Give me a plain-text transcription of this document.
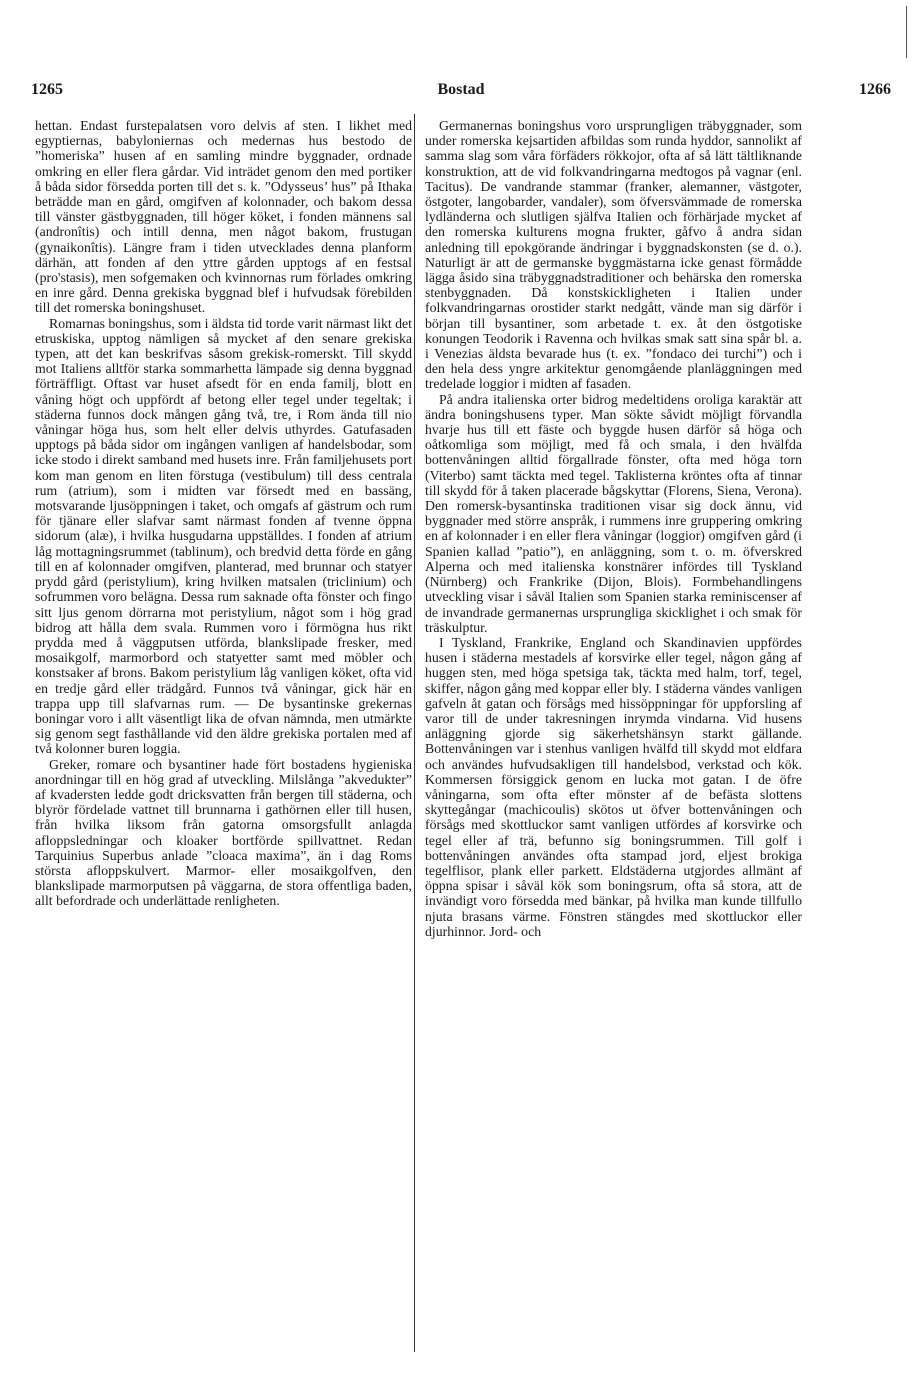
1265	Bostad	1266

hettan. Endast furstepalatsen voro delvis af sten. I likhet med egyptiernas, babyloniernas och medernas hus bestodo de ”homeriska” husen af en samling mindre byggnader, ordnade omkring en eller flera gårdar. Vid inträdet genom den med portiker å båda sidor försedda porten till det s. k. ”Odysseus’ hus” på Ithaka beträdde man en gård, omgifven af kolonnader, och bakom dessa till vänster gästbyggnaden, till höger köket, i fonden männens sal (andronîtis) och intill denna, men något bakom, frustugan (gynaikonîtis). Längre fram i tiden utvecklades denna planform därhän, att fonden af den yttre gården upptogs af en festsal (pro'stasis), men sofgemaken och kvinnornas rum förlades omkring en inre gård. Denna grekiska byggnad blef i hufvudsak förebilden till det romerska boningshuset.

Romarnas boningshus, som i äldsta tid torde varit närmast likt det etruskiska, upptog nämligen så mycket af den senare grekiska typen, att det kan beskrifvas såsom grekisk-romerskt. Till skydd mot Italiens alltför starka sommarhetta lämpade sig denna byggnad förträffligt. Oftast var huset afsedt för en enda familj, blott en våning högt och uppfördt af betong eller tegel under tegeltak; i städerna funnos dock mången gång två, tre, i Rom ända till nio våningar höga hus, som helt eller delvis uthyrdes. Gatufasaden upptogs på båda sidor om ingången vanligen af handelsbodar, som icke stodo i direkt samband med husets inre. Från familjehusets port kom man genom en liten förstuga (vestibulum) till dess centrala rum (atrium), som i midten var försedt med en bassäng, motsvarande ljusöppningen i taket, och omgafs af gästrum och rum för tjänare eller slafvar samt närmast fonden af tvenne öppna sidorum (alæ), i hvilka husgudarna uppställdes. I fonden af atrium låg mottagningsrummet (tablinum), och bredvid detta förde en gång till en af kolonnader omgifven, planterad, med brunnar och statyer prydd gård (peristylium), kring hvilken matsalen (triclinium) och sofrummen voro belägna. Dessa rum saknade ofta fönster och fingo sitt ljus genom dörrarna mot peristylium, något som i hög grad bidrog att hålla dem svala. Rummen voro i förmögna hus rikt prydda med å väggputsen utförda, blankslipade fresker, med mosaikgolf, marmorbord och statyetter samt med möbler och konstsaker af brons. Bakom peristylium låg vanligen köket, ofta vid en tredje gård eller trädgård. Funnos två våningar, gick här en trappa upp till slafvarnas rum. — De bysantinske grekernas boningar voro i allt väsentligt lika de ofvan nämnda, men utmärkte sig genom segt fasthållande vid den äldre grekiska portalen med af två kolonner buren loggia.

Greker, romare och bysantiner hade fört bostadens hygieniska anordningar till en hög grad af utveckling. Milslånga ”akvedukter” af kvadersten ledde godt dricksvatten från bergen till städerna, och blyrör fördelade vattnet till brunnarna i gathörnen eller till husen, från hvilka liksom från gatorna omsorgsfullt anlagda afloppsledningar och kloaker bortförde spillvattnet. Redan Tarquinius Superbus anlade ”cloaca maxima”, än i dag Roms största afloppskulvert. Marmor- eller mosaikgolfven, den blankslipade marmorputsen på väggarna, de stora offentliga baden, allt befordrade och underlättade renligheten.

Germanernas boningshus voro ursprungligen träbyggnader, som under romerska kejsartiden afbildas som runda hyddor, sannolikt af samma slag som våra förfäders rökkojor, ofta af så lätt tältliknande konstruktion, att de vid folkvandringarna medtogos på vagnar (enl. Tacitus). De vandrande stammar (franker, alemanner, västgoter, östgoter, langobarder, vandaler), som öfversvämmade de romerska lydländerna och slutligen själfva Italien och förhärjade mycket af den romerska kulturens mogna frukter, gåfvo å andra sidan anledning till epokgörande ändringar i byggnadskonsten (se d. o.). Naturligt är att de germanske byggmästarna icke genast förmådde lägga åsido sina träbyggnadstraditioner och behärska den romerska stenbyggnaden. Då konstskickligheten i Italien under folkvandringarnas orostider starkt nedgått, vände man sig därför i början till bysantiner, som arbetade t. ex. åt den östgotiske konungen Teodorik i Ravenna och hvilkas smak satt sina spår bl. a. i Venezias äldsta bevarade hus (t. ex. ”fondaco dei turchi”) och i den hela dess yngre arkitektur genomgående planläggningen med tredelade loggior i midten af fasaden.

På andra italienska orter bidrog medeltidens oroliga karaktär att ändra boningshusens typer. Man sökte såvidt möjligt förvandla hvarje hus till ett fäste och byggde husen därför så höga och oåtkomliga som möjligt, med få och smala, i den hvälfda bottenvåningen alltid förgallrade fönster, ofta med höga torn (Viterbo) samt täckta med tegel. Taklisterna kröntes ofta af tinnar till skydd för å taken placerade bågskyttar (Florens, Siena, Verona). Den romersk-bysantinska traditionen visar sig dock ännu, vid byggnader med större anspråk, i rummens inre gruppering omkring en af kolonnader i en eller flera våningar (loggior) omgifven gård (i Spanien kallad ”patio”), en anläggning, som t. o. m. öfverskred Alperna och med italienska konstnärer infördes till Tyskland (Nürnberg) och Frankrike (Dijon, Blois). Formbehandlingens utveckling visar i såväl Italien som Spanien starka reminiscenser af de invandrade germanernas ursprungliga skicklighet i och smak för träskulptur.

I Tyskland, Frankrike, England och Skandinavien uppfördes husen i städerna mestadels af korsvirke eller tegel, någon gång af huggen sten, med höga spetsiga tak, täckta med halm, torf, tegel, skiffer, någon gång med koppar eller bly. I städerna vändes vanligen gafveln åt gatan och försågs med hissöppningar för uppforsling af varor till de under takresningen inrymda vindarna. Vid husens anläggning gjorde sig säkerhetshänsyn starkt gällande. Bottenvåningen var i stenhus vanligen hvälfd till skydd mot eldfara och användes hufvudsakligen till handelsbod, verkstad och kök. Kommersen försiggick genom en lucka mot gatan. I de öfre våningarna, som ofta efter mönster af de befästa slottens skyttegångar (machicoulis) skötos ut öfver bottenvåningen och försågs med skottluckor samt vanligen utfördes af korsvirke och tegel eller af trä, befunno sig boningsrummen. Till golf i bottenvåningen användes ofta stampad jord, eljest brokiga tegelflisor, plank eller parkett. Eldstäderna utgjordes allmänt af öppna spisar i såväl kök som boningsrum, ofta så stora, att de invändigt voro försedda med bänkar, på hvilka man kunde tillfullo njuta brasans värme. Fönstren stängdes med skottluckor eller djurhinnor. Jord- och
